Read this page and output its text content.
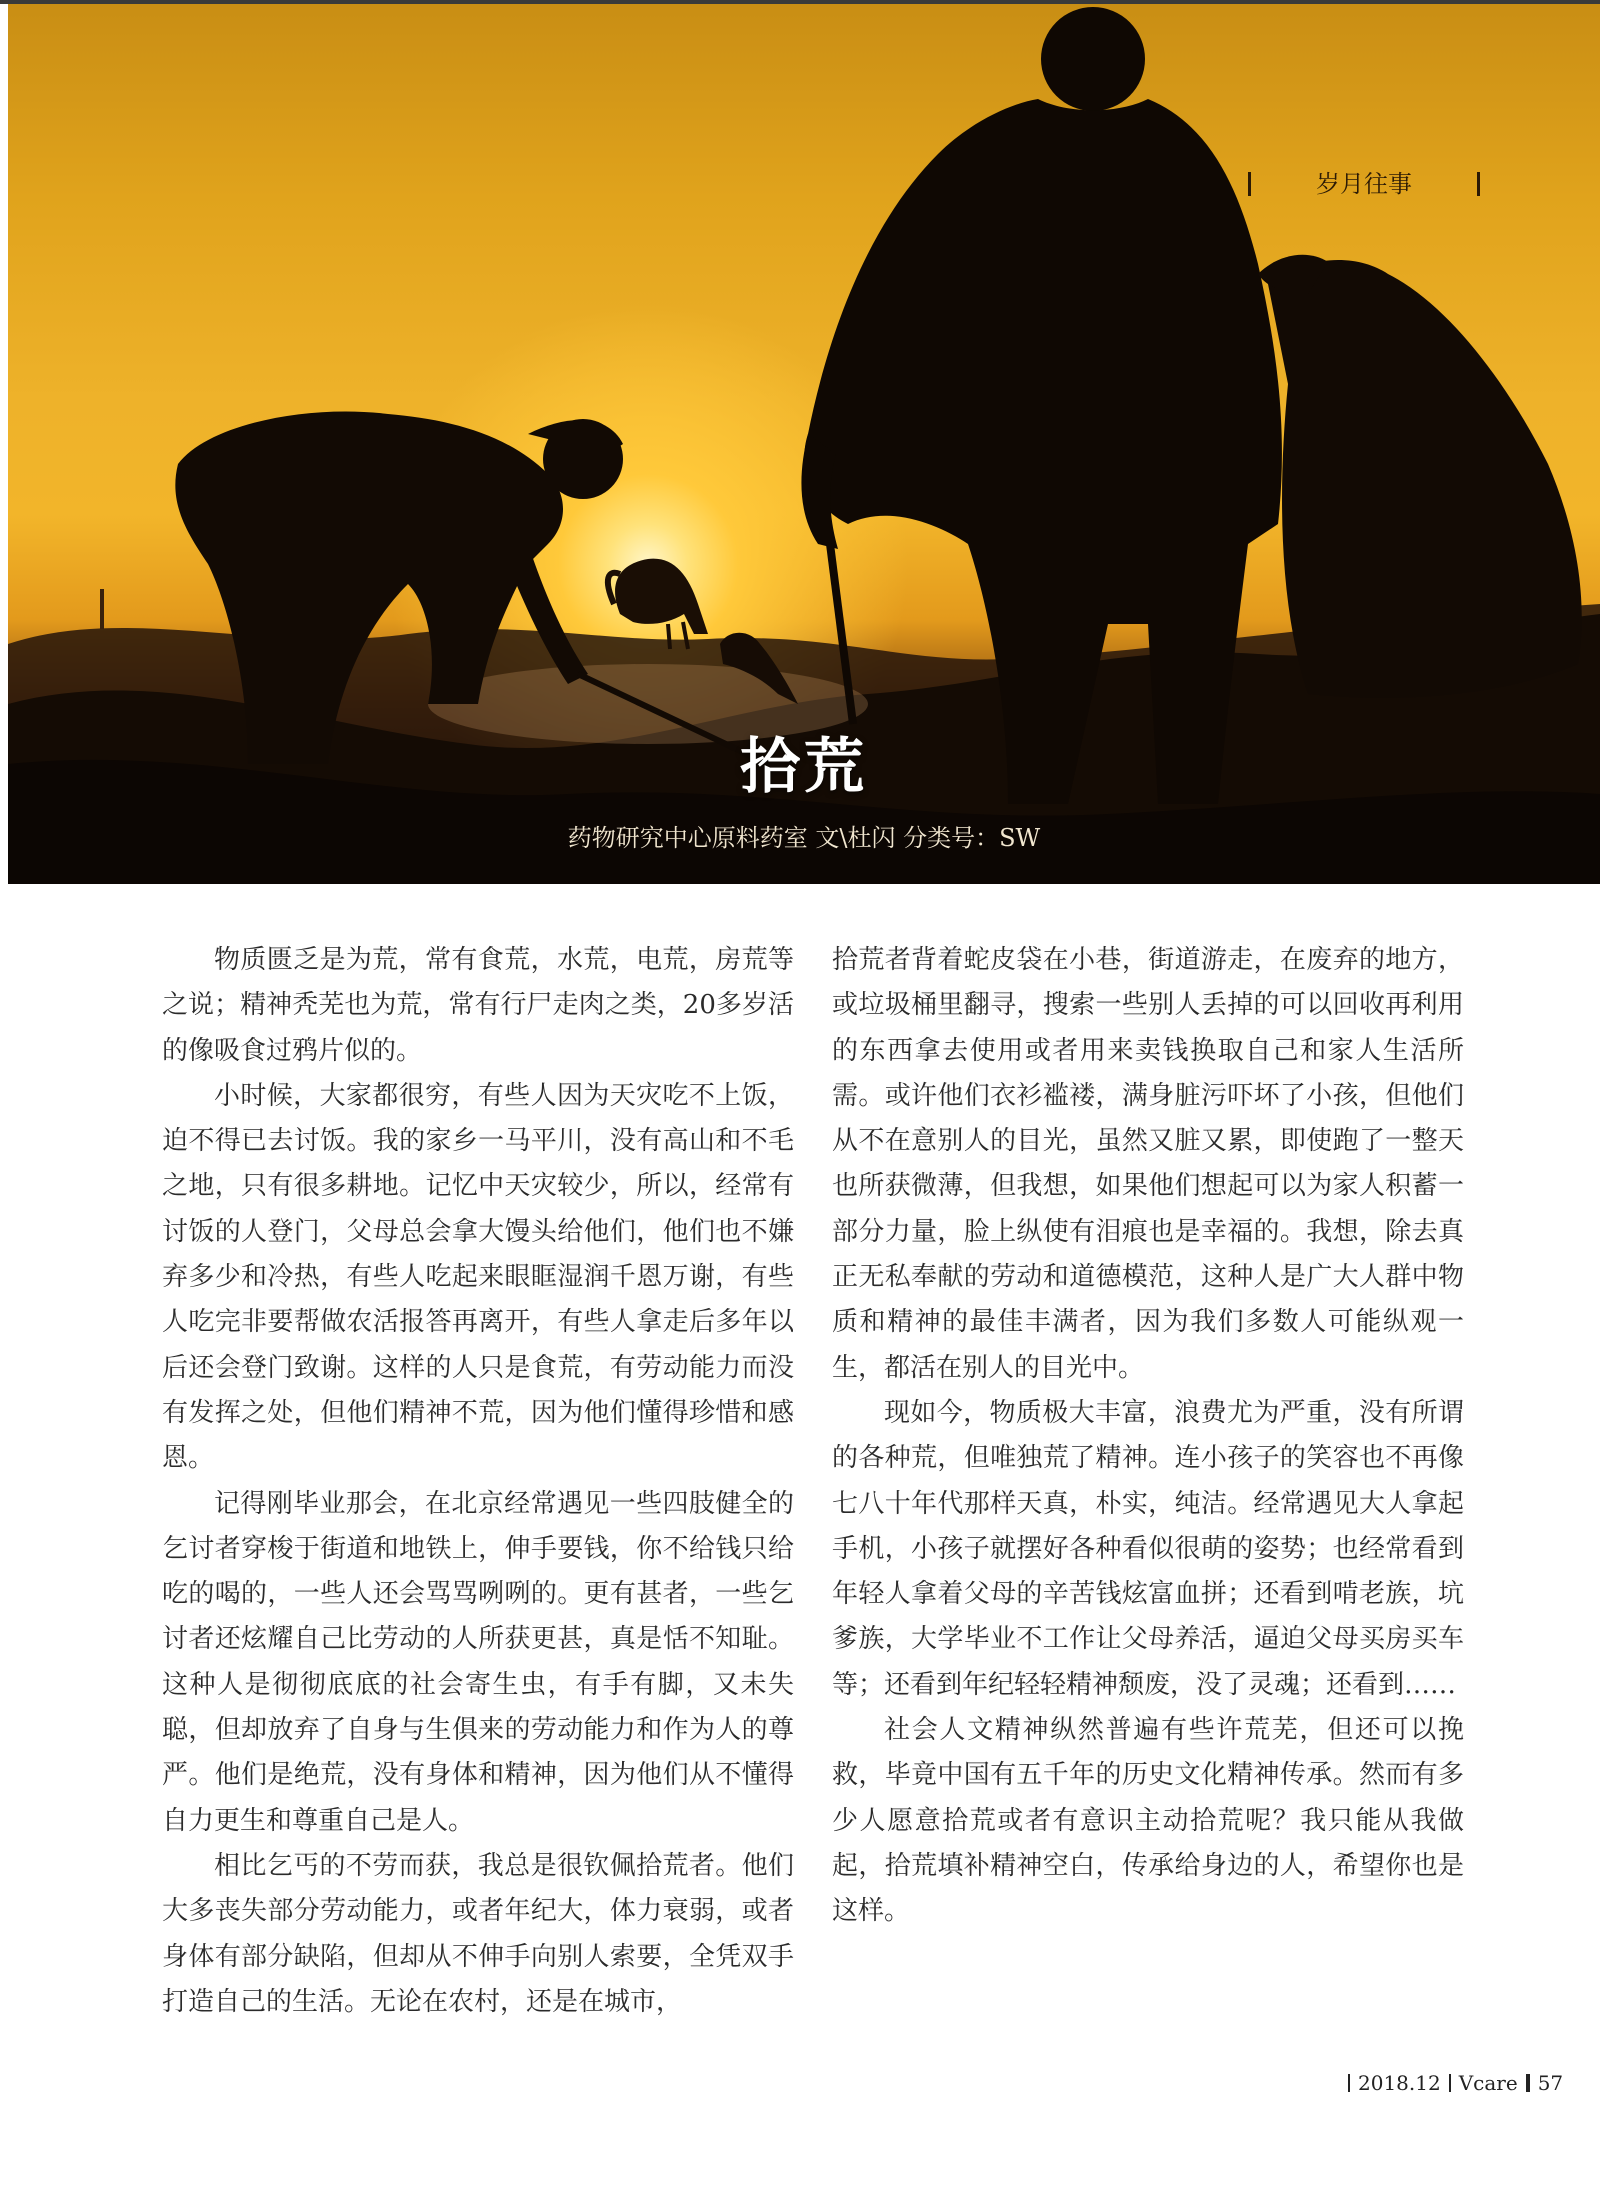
岁月往事
拾荒
药物研究中心原料药室 文\杜闪 分类号：SW

物质匮乏是为荒，常有食荒，水荒，电荒，房荒等之说；精神秃芜也为荒，常有行尸走肉之类，20多岁活的像吸食过鸦片似的。

小时候，大家都很穷，有些人因为天灾吃不上饭，迫不得已去讨饭。我的家乡一马平川，没有高山和不毛之地，只有很多耕地。记忆中天灾较少，所以，经常有讨饭的人登门，父母总会拿大馒头给他们，他们也不嫌弃多少和冷热，有些人吃起来眼眶湿润千恩万谢，有些人吃完非要帮做农活报答再离开，有些人拿走后多年以后还会登门致谢。这样的人只是食荒，有劳动能力而没有发挥之处，但他们精神不荒，因为他们懂得珍惜和感恩。

记得刚毕业那会，在北京经常遇见一些四肢健全的乞讨者穿梭于街道和地铁上，伸手要钱，你不给钱只给吃的喝的，一些人还会骂骂咧咧的。更有甚者，一些乞讨者还炫耀自己比劳动的人所获更甚，真是恬不知耻。这种人是彻彻底底的社会寄生虫，有手有脚，又未失聪，但却放弃了自身与生俱来的劳动能力和作为人的尊严。他们是绝荒，没有身体和精神，因为他们从不懂得自力更生和尊重自己是人。

相比乞丐的不劳而获，我总是很钦佩拾荒者。他们大多丧失部分劳动能力，或者年纪大，体力衰弱，或者身体有部分缺陷，但却从不伸手向别人索要，全凭双手打造自己的生活。无论在农村，还是在城市，

拾荒者背着蛇皮袋在小巷，街道游走，在废弃的地方，或垃圾桶里翻寻，搜索一些别人丢掉的可以回收再利用的东西拿去使用或者用来卖钱换取自己和家人生活所需。或许他们衣衫褴褛，满身脏污吓坏了小孩，但他们从不在意别人的目光，虽然又脏又累，即使跑了一整天也所获微薄，但我想，如果他们想起可以为家人积蓄一部分力量，脸上纵使有泪痕也是幸福的。我想，除去真正无私奉献的劳动和道德模范，这种人是广大人群中物质和精神的最佳丰满者，因为我们多数人可能纵观一生，都活在别人的目光中。

现如今，物质极大丰富，浪费尤为严重，没有所谓的各种荒，但唯独荒了精神。连小孩子的笑容也不再像七八十年代那样天真，朴实，纯洁。经常遇见大人拿起手机，小孩子就摆好各种看似很萌的姿势；也经常看到年轻人拿着父母的辛苦钱炫富血拼；还看到啃老族，坑爹族，大学毕业不工作让父母养活，逼迫父母买房买车等；还看到年纪轻轻精神颓废，没了灵魂；还看到……

社会人文精神纵然普遍有些许荒芜，但还可以挽救，毕竟中国有五千年的历史文化精神传承。然而有多少人愿意拾荒或者有意识主动拾荒呢？我只能从我做起，拾荒填补精神空白，传承给身边的人，希望你也是这样。

2018.12 Vcare 57
